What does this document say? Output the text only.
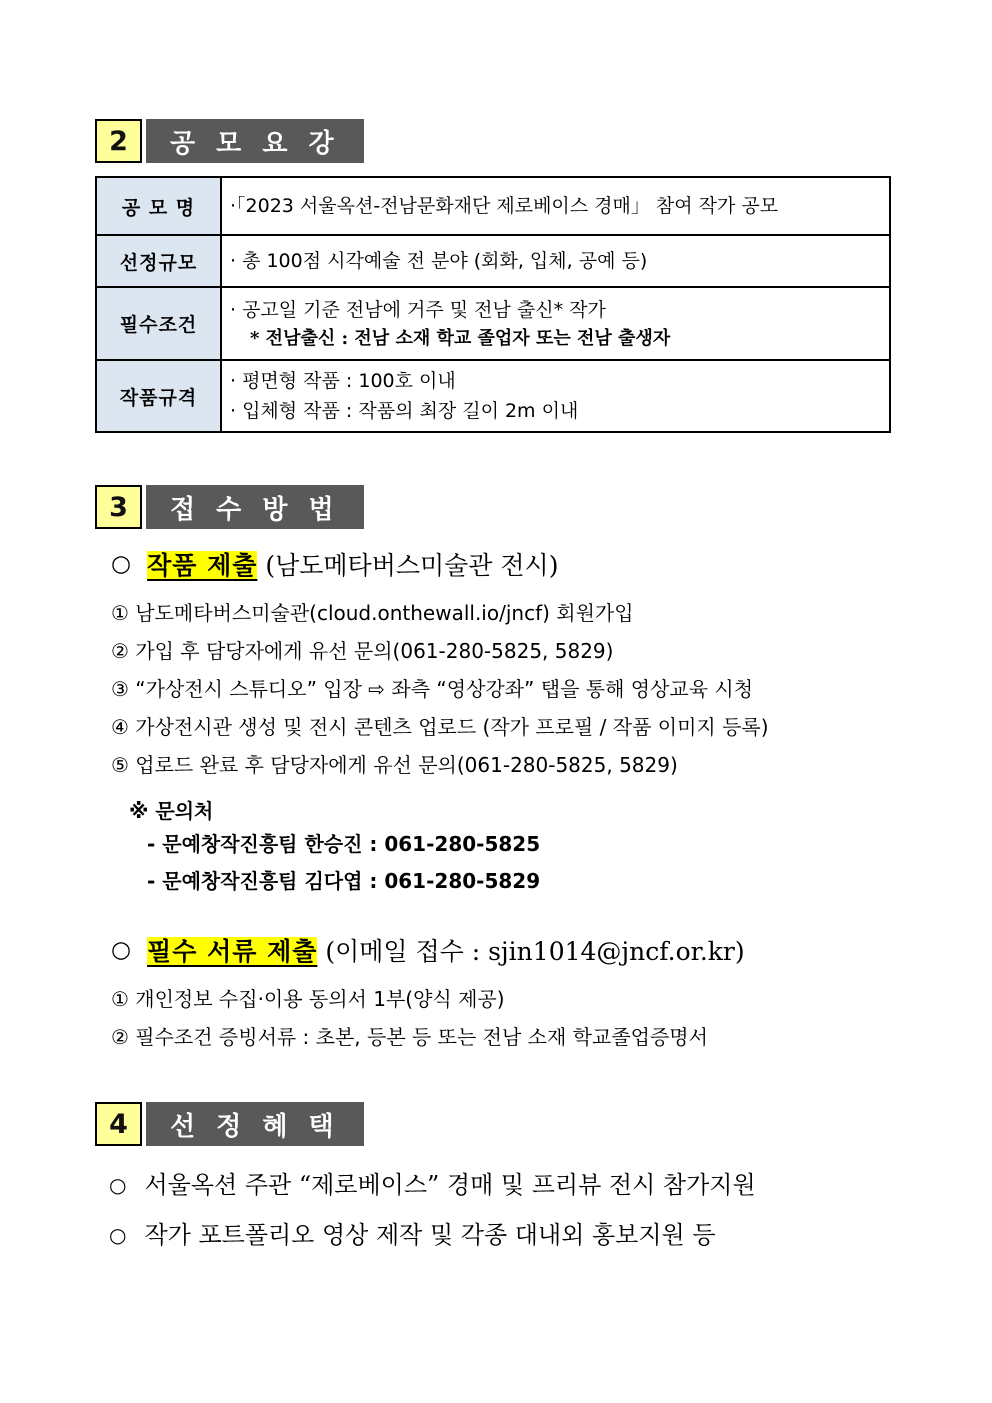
2	공 모 요 강
공 모 명	·「2023 서울옥션-전남문화재단 제로베이스 경매」 참여 작가 공모

선정규모	· 총 100점 시각예술 전 분야 (회화, 입체, 공예 등)

필수조건	· 공고일 기준 전남에 거주 및 전남 출신* 작가
* 전남출신 : 전남 소재 학교 졸업자 또는 전남 출생자

작품규격	· 평면형 작품 : 100호 이내
· 입체형 작품 : 작품의 최장 길이 2m 이내
3	접 수 방 법
○ 작품 제출 (남도메타버스미술관 전시)
① 남도메타버스미술관(cloud.onthewall.io/jncf) 회원가입
② 가입 후 담당자에게 유선 문의(061-280-5825, 5829)
③ “가상전시 스튜디오” 입장 ⇨ 좌측 “영상강좌” 탭을 통해 영상교육 시청
④ 가상전시관 생성 및 전시 콘텐츠 업로드 (작가 프로필 / 작품 이미지 등록)
⑤ 업로드 완료 후 담당자에게 유선 문의(061-280-5825, 5829)
※ 문의처
- 문예창작진흥팀 한승진 : 061-280-5825
- 문예창작진흥팀 김다엽 : 061-280-5829
○ 필수 서류 제출 (이메일 접수 : sjin1014@jncf.or.kr)
① 개인정보 수집·이용 동의서 1부(양식 제공)
② 필수조건 증빙서류 : 초본, 등본 등 또는 전남 소재 학교졸업증명서
4	선 정 혜 택
○ 서울옥션 주관 “제로베이스” 경매 및 프리뷰 전시 참가지원
○ 작가 포트폴리오 영상 제작 및 각종 대내외 홍보지원 등
